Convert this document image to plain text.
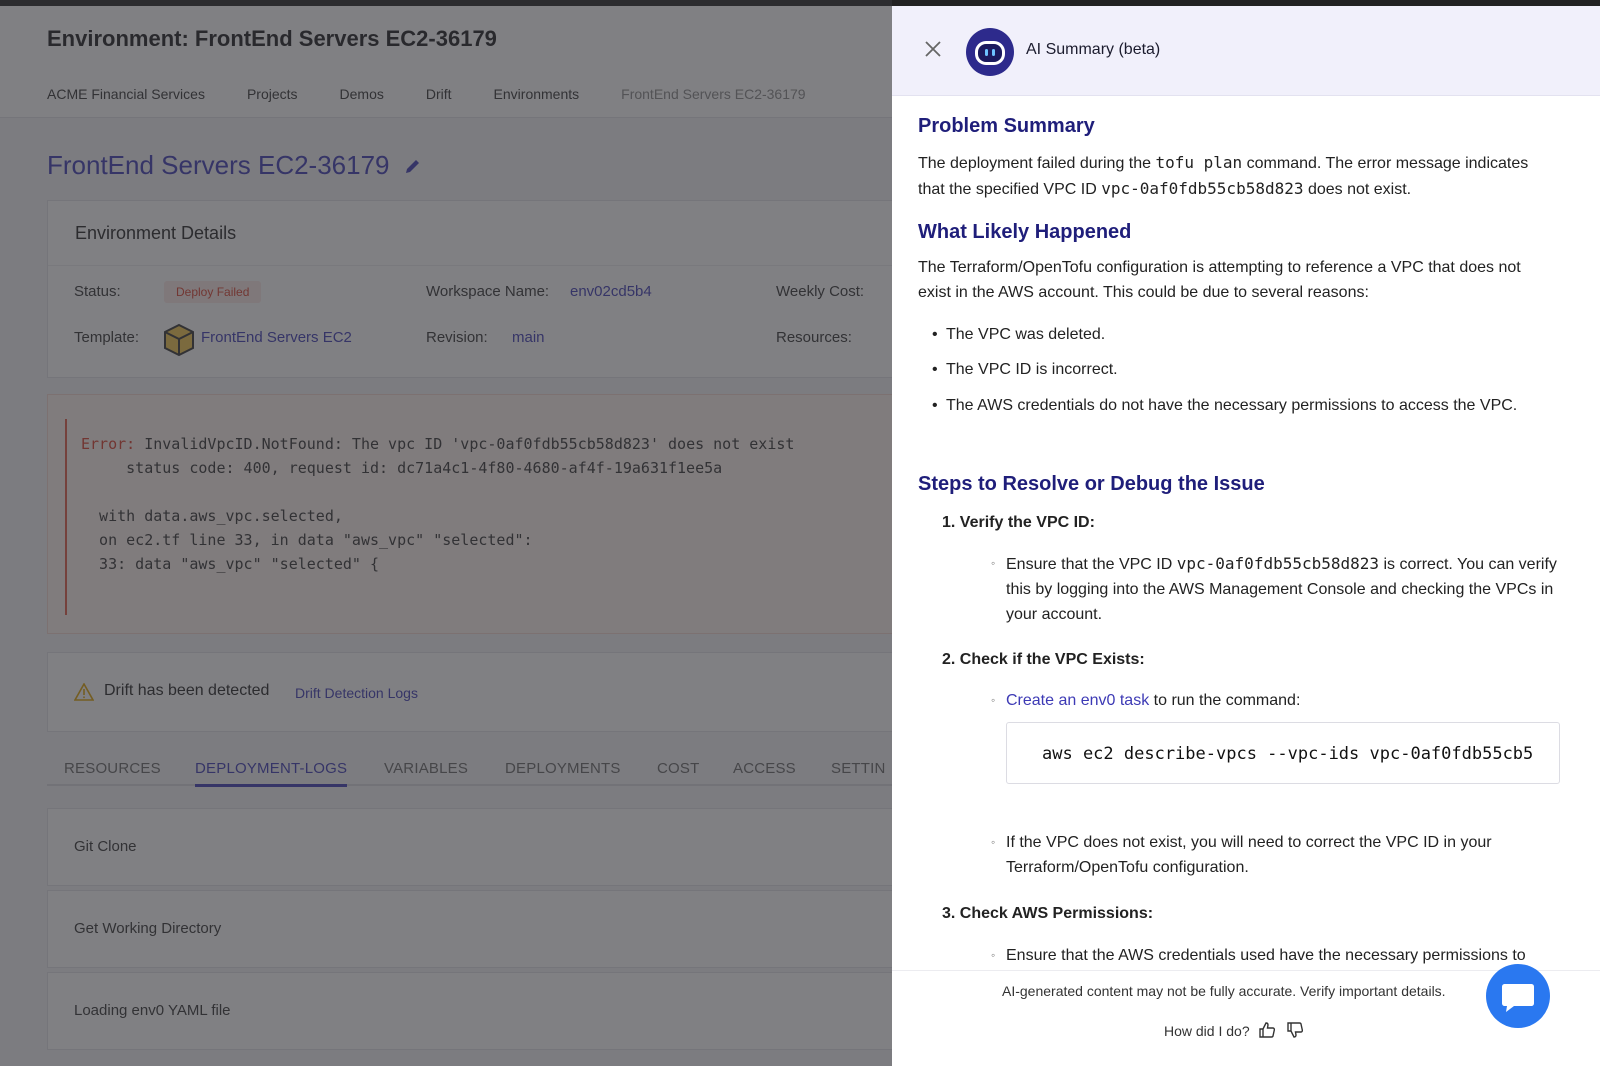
AI Summary (beta)
Problem Summary
The deployment failed during the tofu plan command. The error message indicates that the specified VPC ID vpc-0af0fdb55cb58d823 does not exist.
What Likely Happened
The Terraform/OpenTofu configuration is attempting to reference a VPC that does not exist in the AWS account. This could be due to several reasons:
• The VPC was deleted.
• The VPC ID is incorrect.
• The AWS credentials do not have the necessary permissions to access the VPC.
Steps to Resolve or Debug the Issue
1. Verify the VPC ID:
◦ Ensure that the VPC ID vpc-0af0fdb55cb58d823 is correct. You can verify this by logging into the AWS Management Console and checking the VPCs in your account.
2. Check if the VPC Exists:
◦ Create an env0 task to run the command:
aws ec2 describe-vpcs --vpc-ids vpc-0af0fdb55cb5
◦ If the VPC does not exist, you will need to correct the VPC ID in your Terraform/OpenTofu configuration.
3. Check AWS Permissions:
◦ Ensure that the AWS credentials used have the necessary permissions to
AI-generated content may not be fully accurate. Verify important details.
How did I do?
